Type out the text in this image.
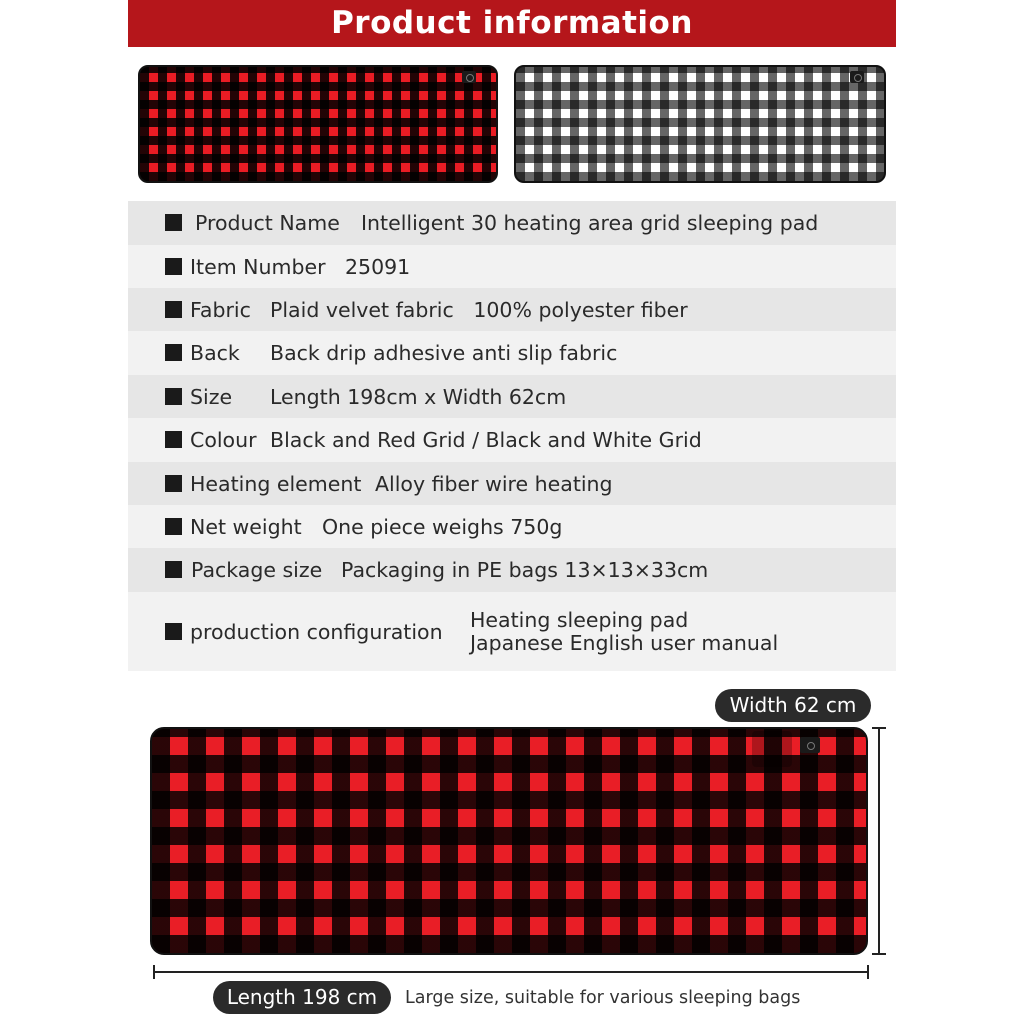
Product information
Product Name Intelligent 30 heating area grid sleeping pad
Item Number 25091
Fabric Plaid velvet fabric   100% polyester fiber
Back Back drip adhesive anti slip fabric
Size Length 198cm x Width 62cm
Colour Black and Red Grid / Black and White Grid
Heating element Alloy fiber wire heating
Net weight One piece weighs 750g
Package size Packaging in PE bags 13×13×33cm
production configuration Heating sleeping pad
Japanese English user manual
Width 62 cm
Length 198 cm	Large size, suitable for various sleeping bags
